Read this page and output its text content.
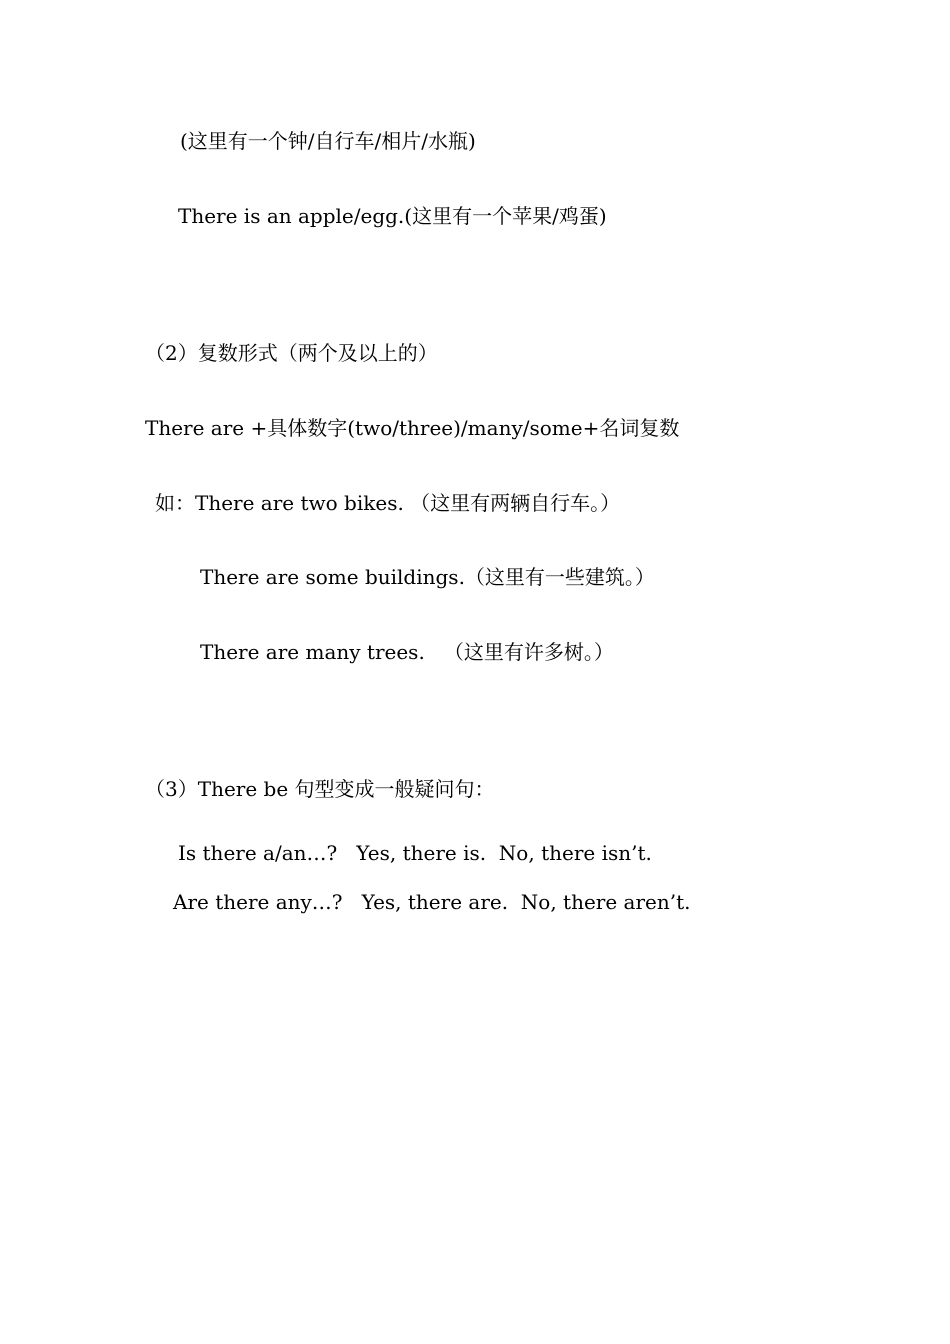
(这里有一个钟/自行车/相片/水瓶)
There is an apple/egg.(这里有一个苹果/鸡蛋)
（2）复数形式（两个及以上的）
There are +具体数字(two/three)/many/some+名词复数
如：There are two bikes. （这里有两辆自行车。）
There are some buildings.（这里有一些建筑。）
There are many trees.   （这里有许多树。）
（3）There be 句型变成一般疑问句：
Is there a/an…?   Yes, there is.  No, there isn’t.
Are there any…?   Yes, there are.  No, there aren’t.
